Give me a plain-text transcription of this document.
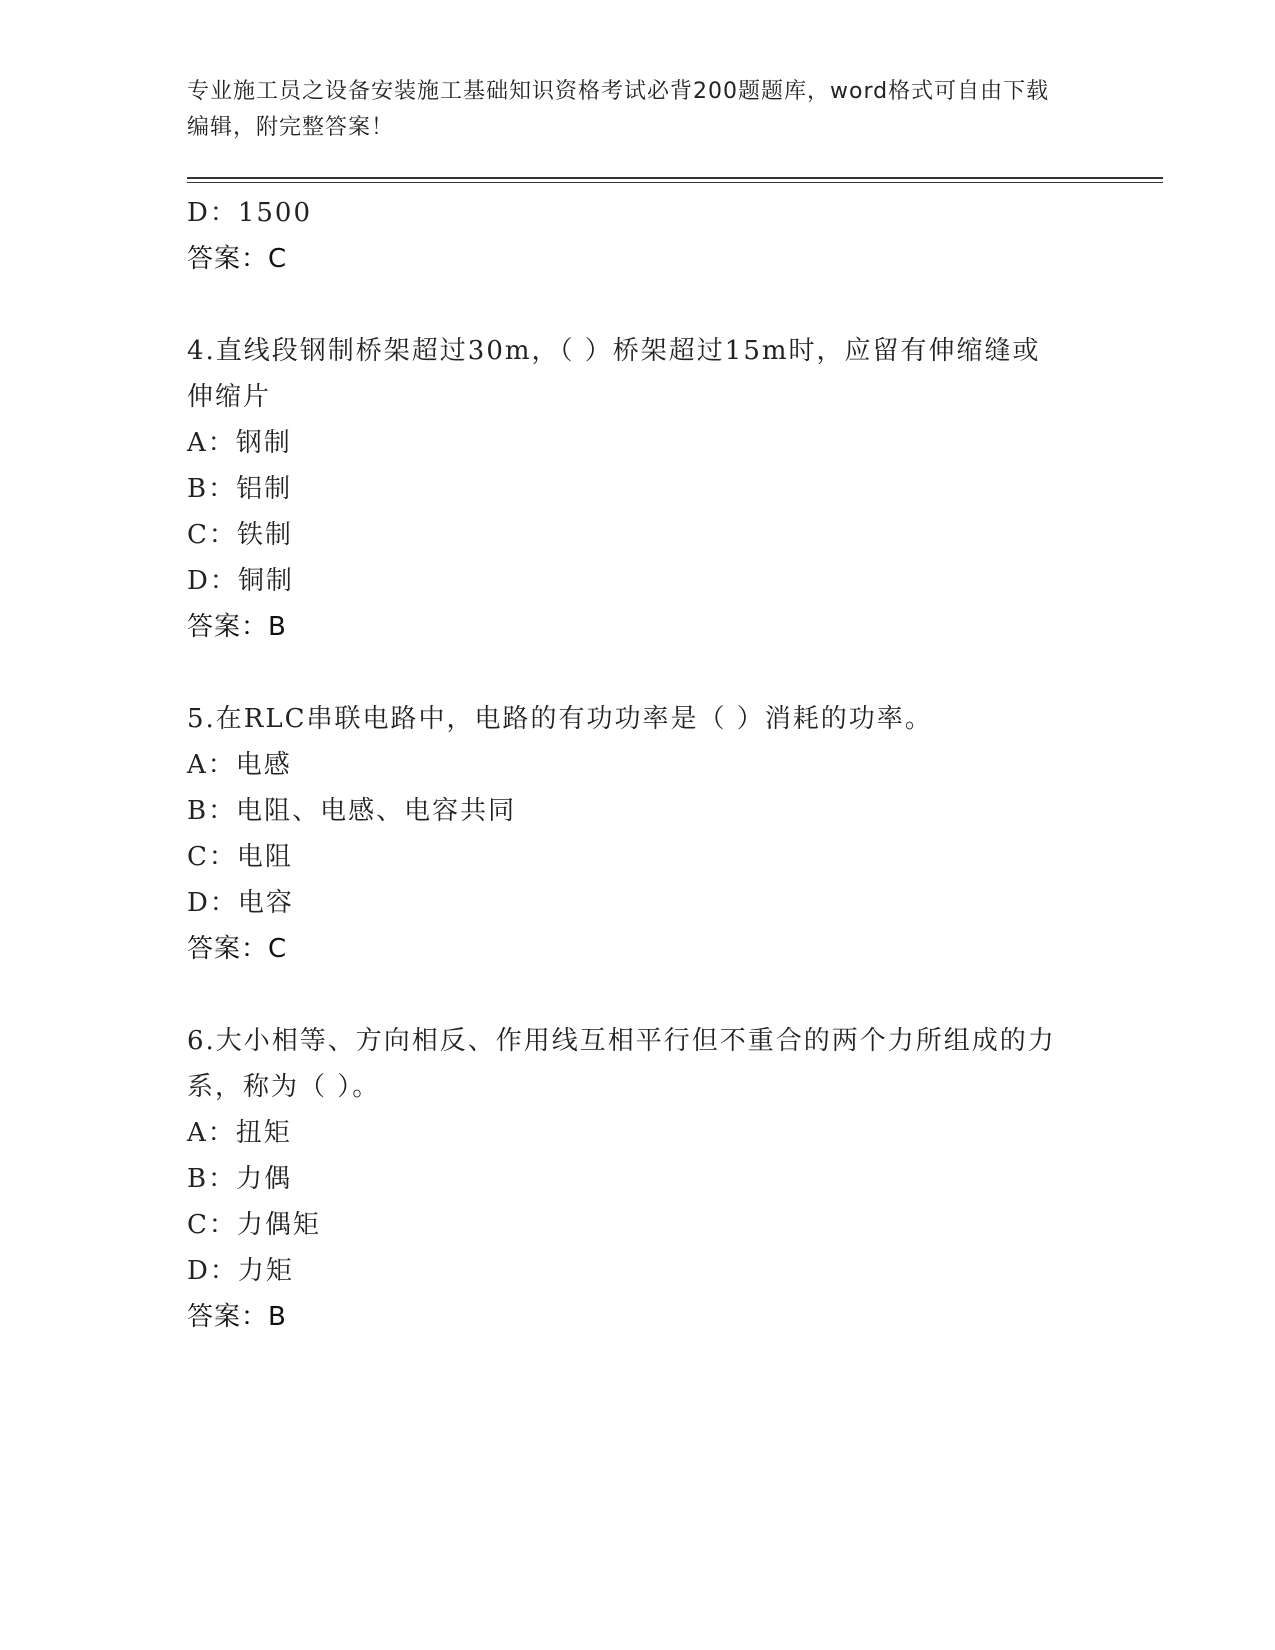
专业施工员之设备安装施工基础知识资格考试必背200题题库，word格式可自由下载编辑，附完整答案！
D：1500
答案：C
4.直线段钢制桥架超过30m，（ ）桥架超过15m时，应留有伸缩缝或伸缩片
A：钢制
B：铝制
C：铁制
D：铜制
答案：B
5.在RLC串联电路中，电路的有功功率是（ ）消耗的功率。
A：电感
B：电阻、电感、电容共同
C：电阻
D：电容
答案：C
6.大小相等、方向相反、作用线互相平行但不重合的两个力所组成的力系，称为（ ）。
A：扭矩
B：力偶
C：力偶矩
D：力矩
答案：B
